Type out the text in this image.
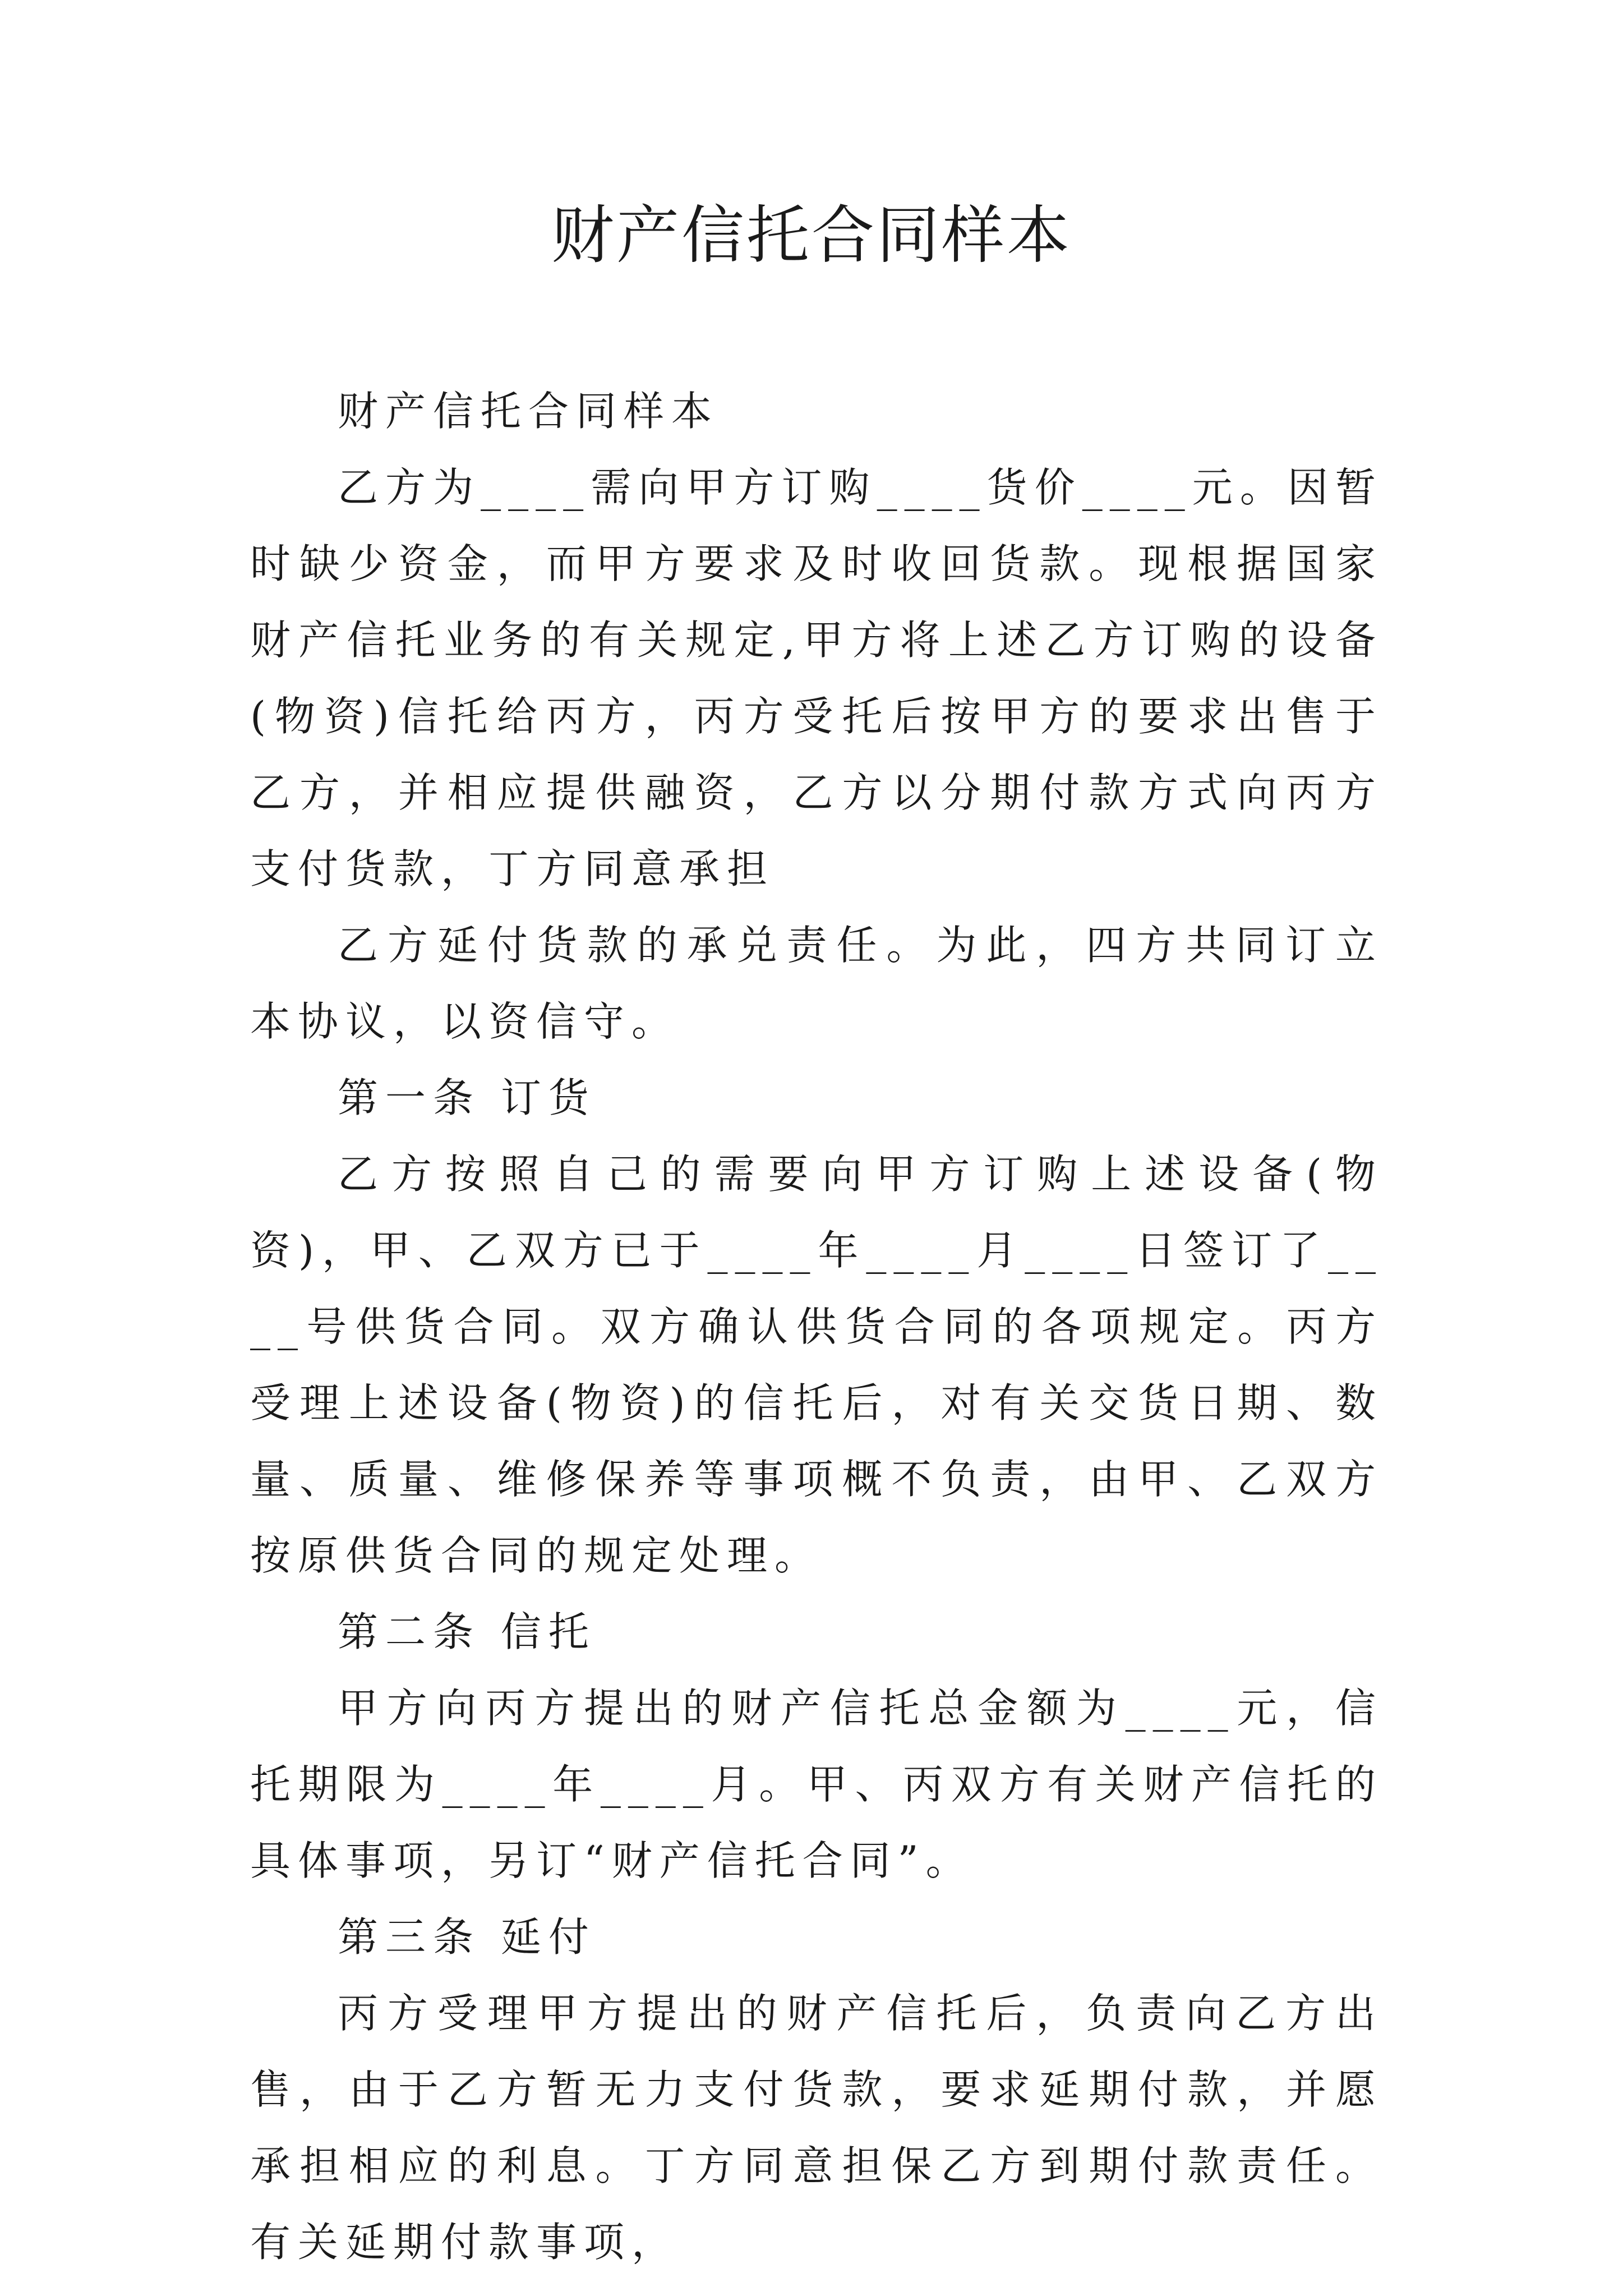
财产信托合同样本

财产信托合同样本

乙方为____需向甲方订购____货价____元。因暂时缺少资金，而甲方要求及时收回货款。现根据国家财产信托业务的有关规定,甲方将上述乙方订购的设备(物资)信托给丙方，丙方受托后按甲方的要求出售于乙方，并相应提供融资，乙方以分期付款方式向丙方支付货款，丁方同意承担

乙方延付货款的承兑责任。为此，四方共同订立本协议，以资信守。

第一条 订货

乙方按照自己的需要向甲方订购上述设备(物资)，甲、乙双方已于____年____月____日签订了____号供货合同。双方确认供货合同的各项规定。丙方受理上述设备(物资)的信托后，对有关交货日期、数量、质量、维修保养等事项概不负责，由甲、乙双方按原供货合同的规定处理。

第二条 信托

甲方向丙方提出的财产信托总金额为____元，信托期限为____年____月。甲、丙双方有关财产信托的具体事项，另订“财产信托合同”。

第三条 延付

丙方受理甲方提出的财产信托后，负责向乙方出售，由于乙方暂无力支付货款，要求延期付款，并愿承担相应的利息。丁方同意担保乙方到期付款责任。有关延期付款事项，
